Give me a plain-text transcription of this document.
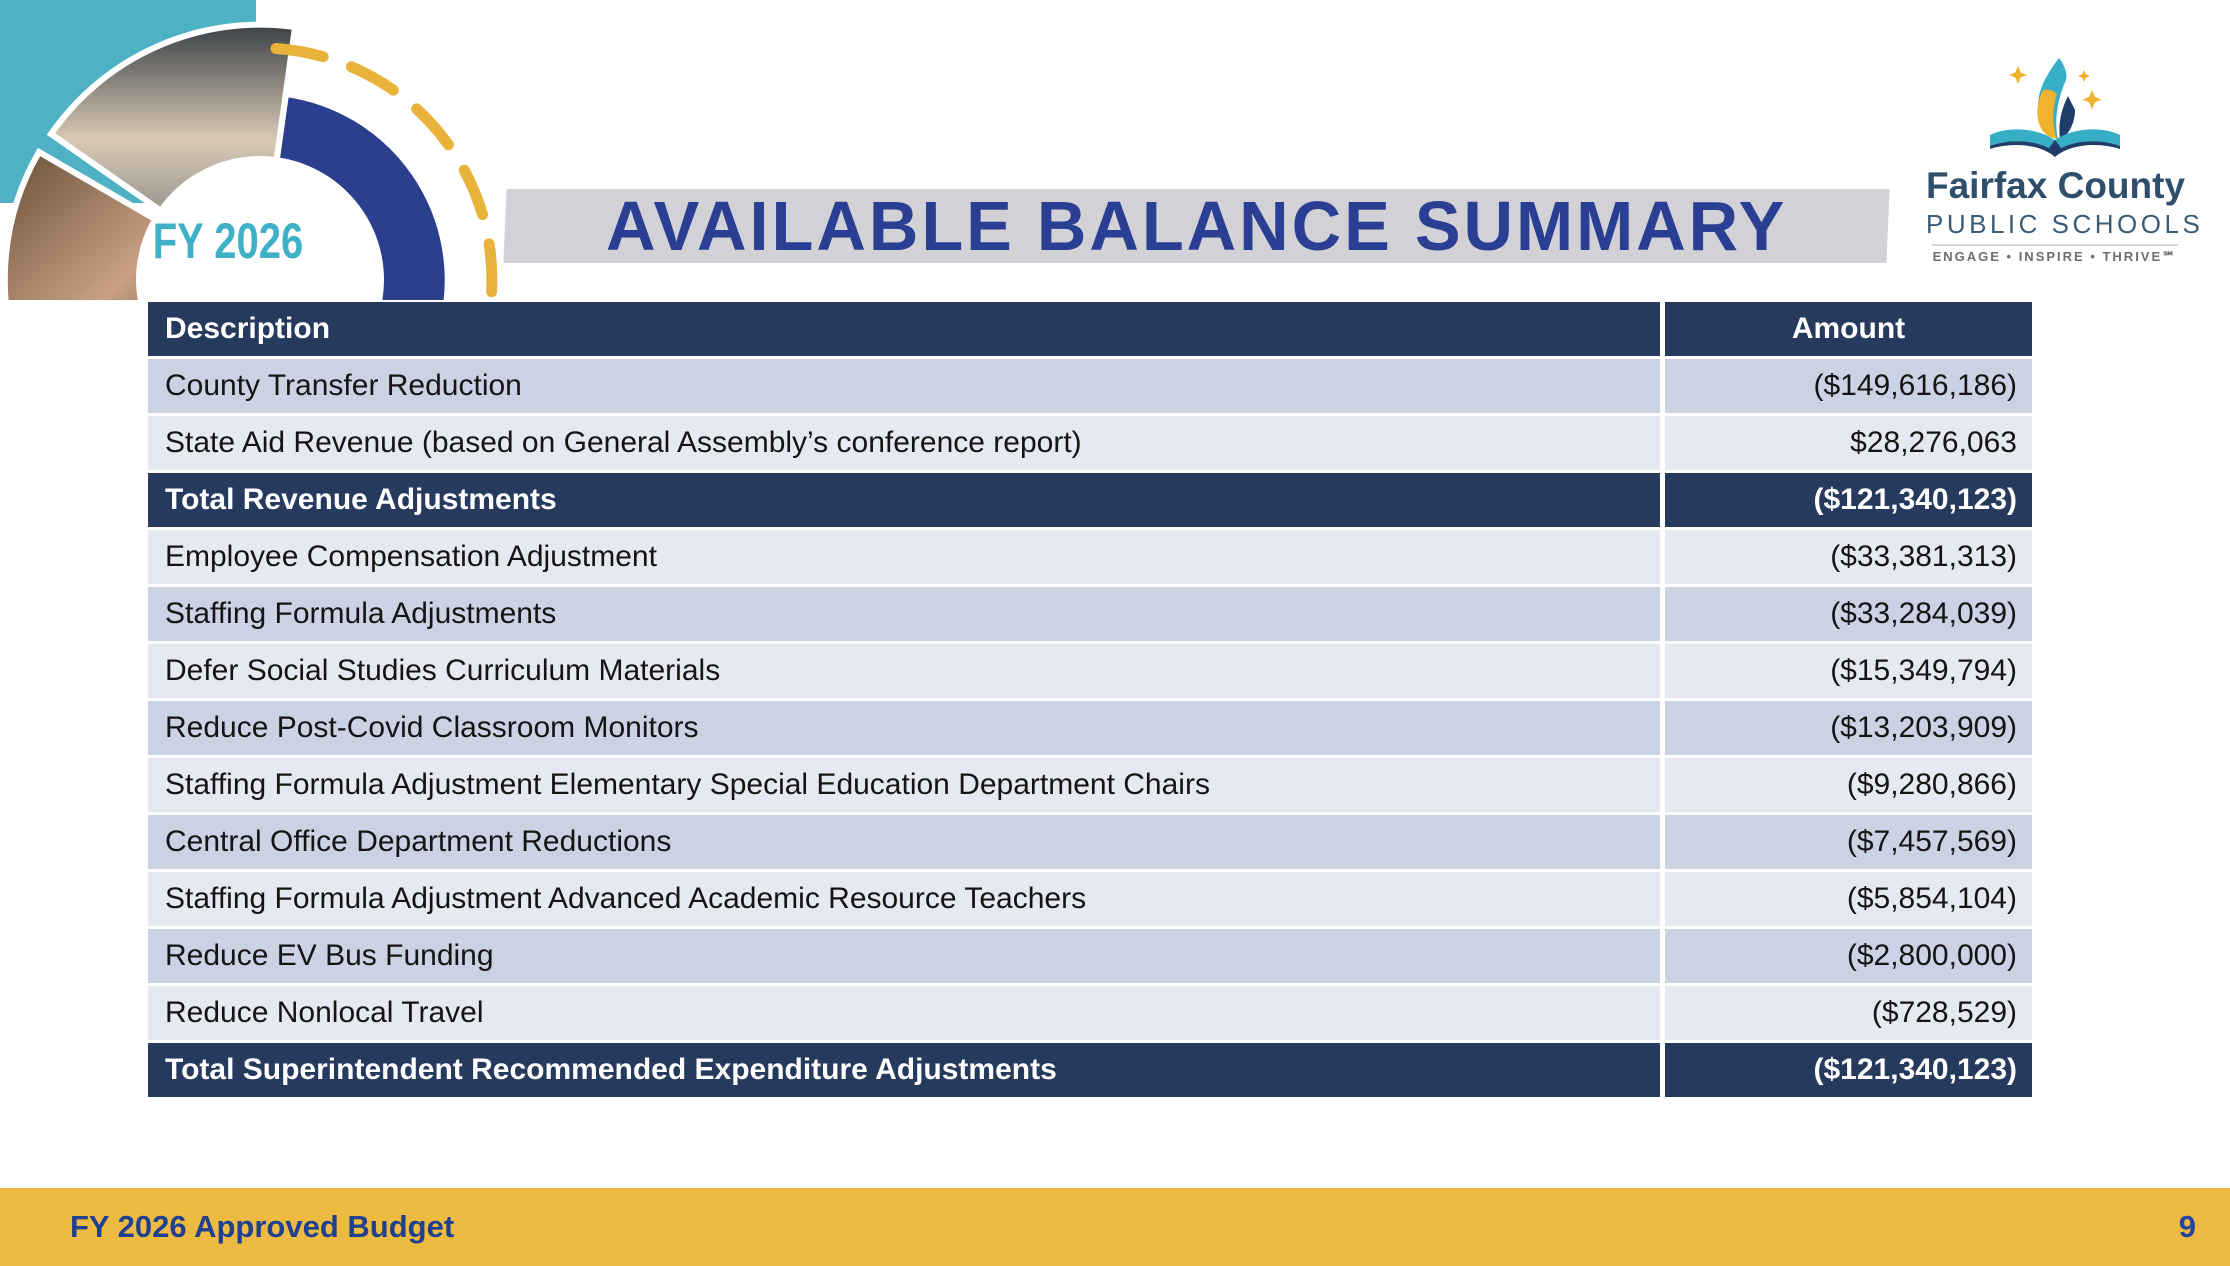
FY 2026	AVAILABLE BALANCE SUMMARY
Fairfax County
PUBLIC SCHOOLS
ENGAGE • INSPIRE • THRIVE℠
Description	Amount
County Transfer Reduction	($149,616,186)
State Aid Revenue (based on General Assembly’s conference report)	$28,276,063
Total Revenue Adjustments	($121,340,123)
Employee Compensation Adjustment	($33,381,313)
Staffing Formula Adjustments	($33,284,039)
Defer Social Studies Curriculum Materials	($15,349,794)
Reduce Post-Covid Classroom Monitors	($13,203,909)
Staffing Formula Adjustment Elementary Special Education Department Chairs	($9,280,866)
Central Office Department Reductions	($7,457,569)
Staffing Formula Adjustment Advanced Academic Resource Teachers	($5,854,104)
Reduce EV Bus Funding	($2,800,000)
Reduce Nonlocal Travel	($728,529)
Total Superintendent Recommended Expenditure Adjustments	($121,340,123)
FY 2026 Approved Budget	9
